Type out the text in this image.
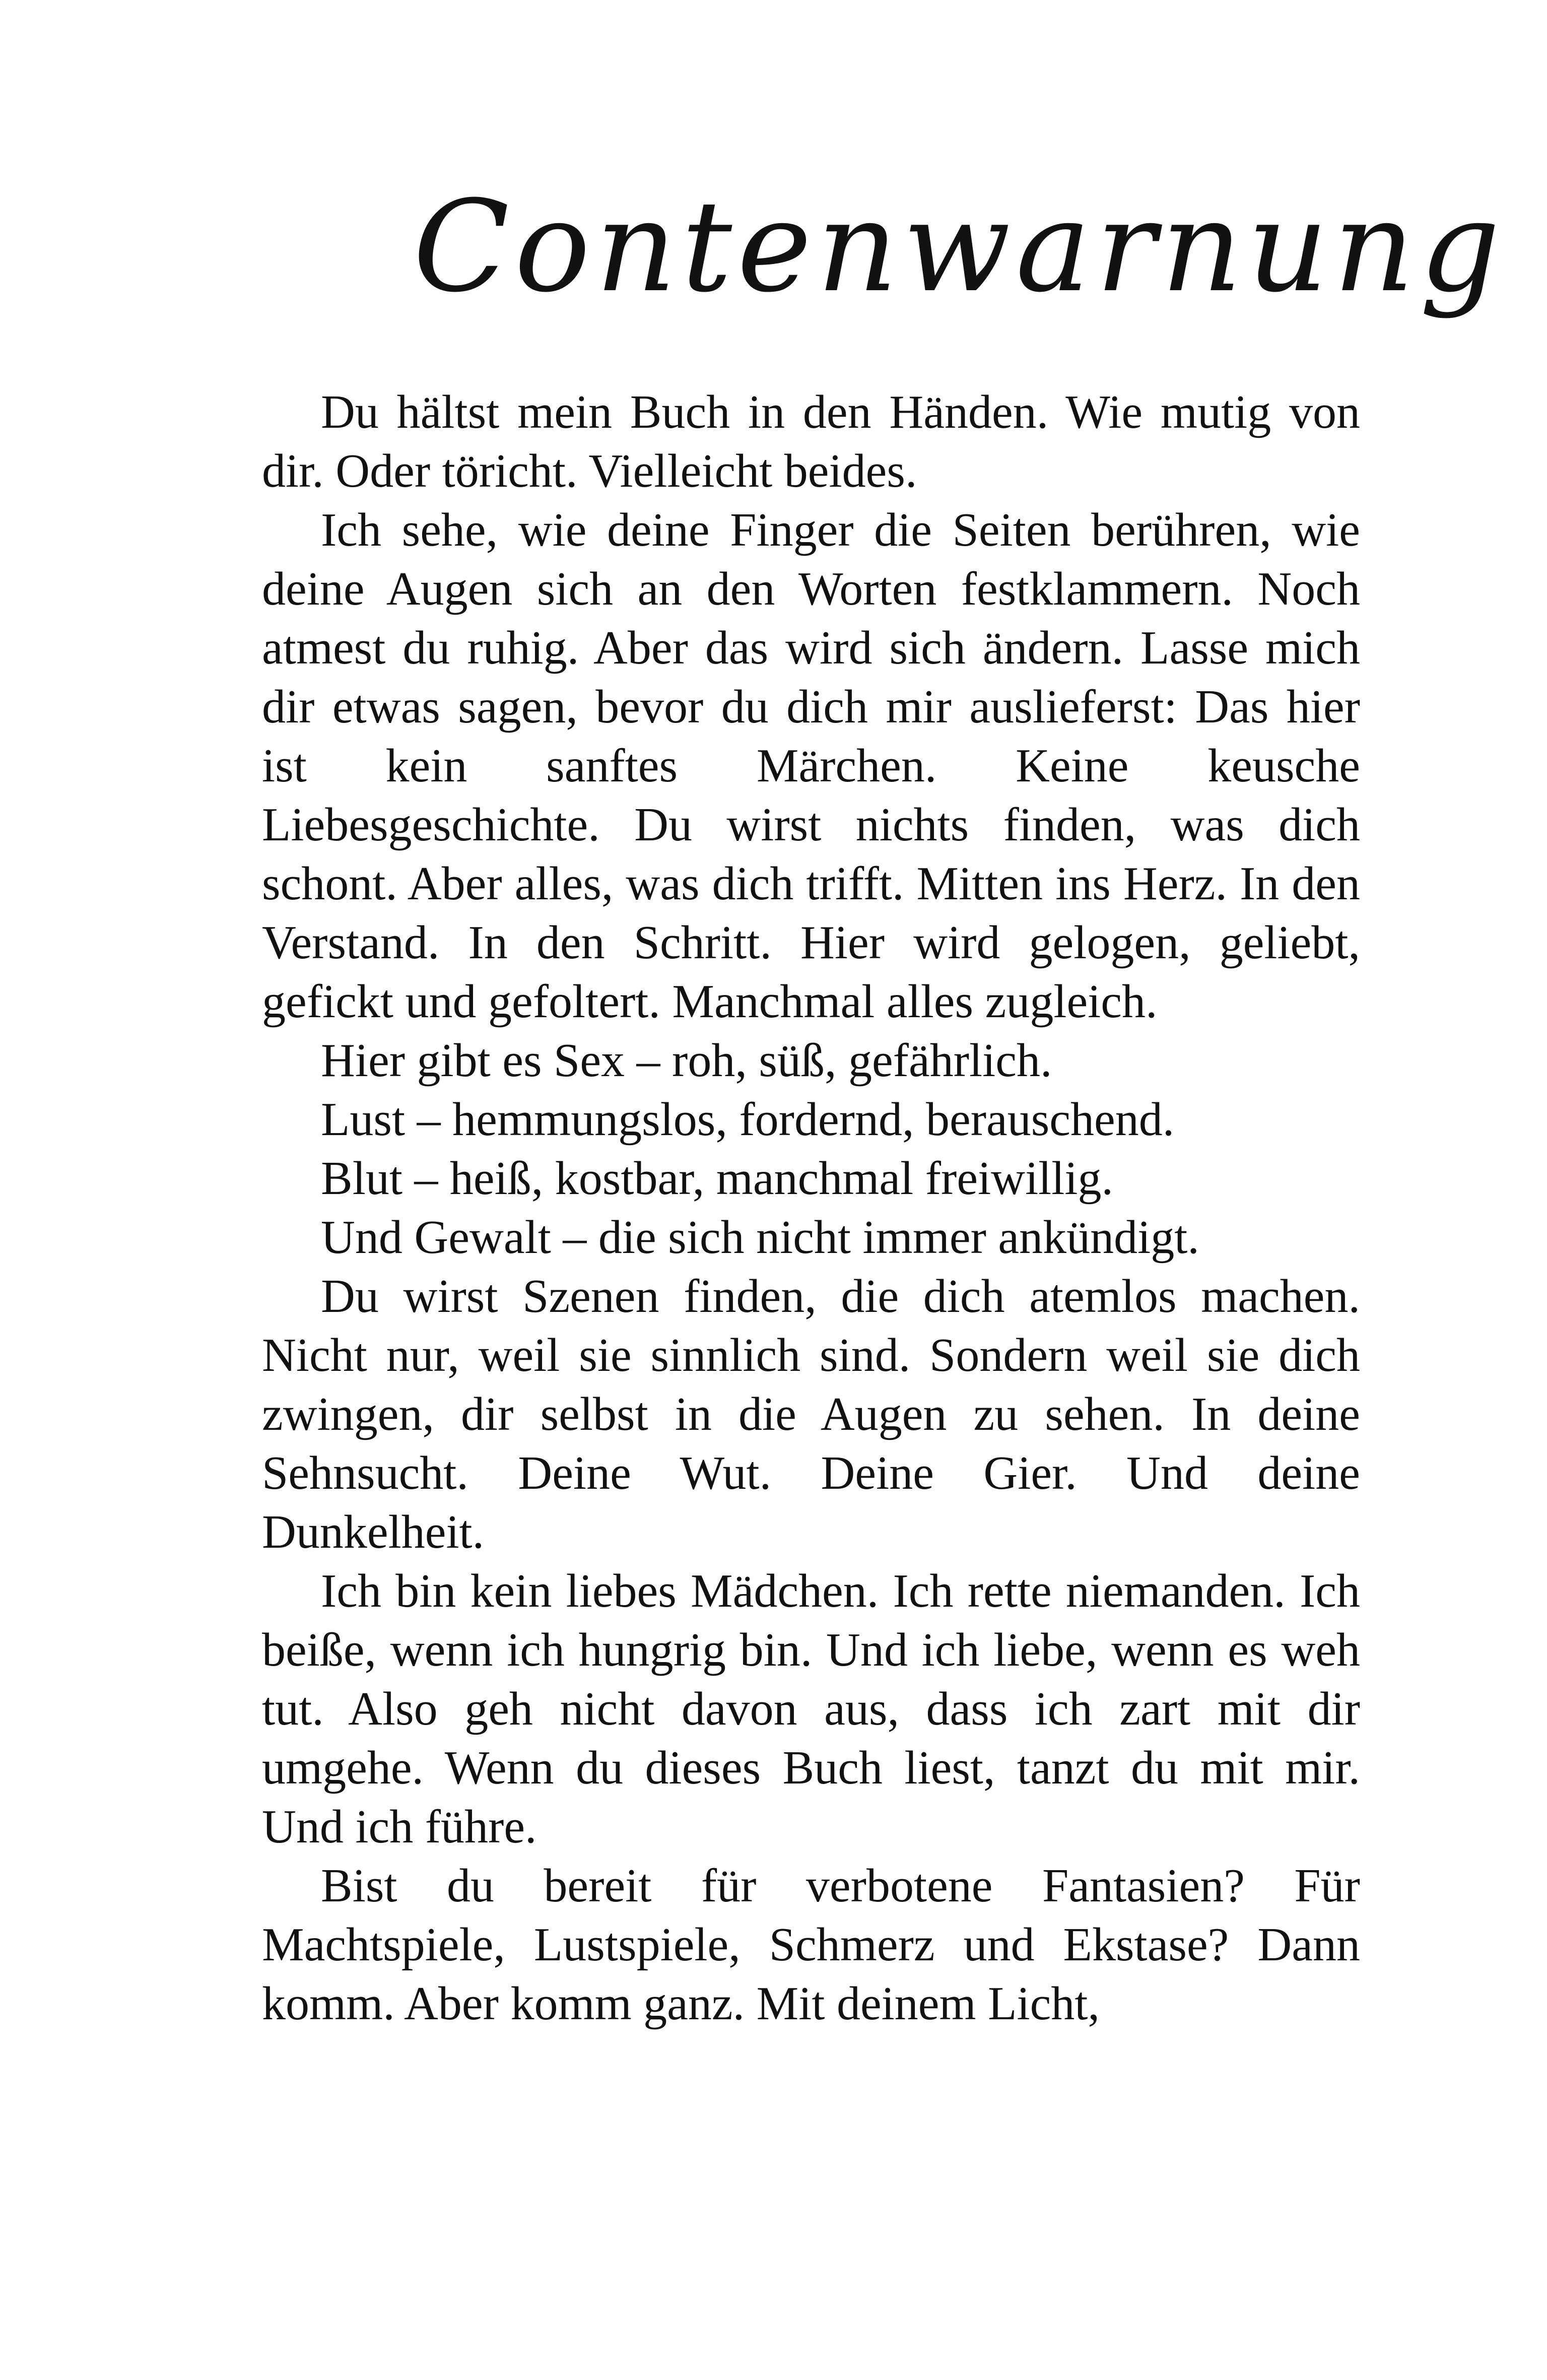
Contenwarnung

Du hältst mein Buch in den Händen. Wie mutig von dir. Oder töricht. Vielleicht beides.

Ich sehe, wie deine Finger die Seiten berühren, wie deine Augen sich an den Worten festklammern. Noch atmest du ruhig. Aber das wird sich ändern. Lasse mich dir etwas sagen, bevor du dich mir auslieferst: Das hier ist kein sanftes Märchen. Keine keusche Liebesgeschichte. Du wirst nichts finden, was dich schont. Aber alles, was dich trifft. Mitten ins Herz. In den Verstand. In den Schritt. Hier wird gelogen, geliebt, gefickt und gefoltert. Manchmal alles zugleich.

Hier gibt es Sex – roh, süß, gefährlich.

Lust – hemmungslos, fordernd, berauschend.

Blut – heiß, kostbar, manchmal freiwillig.

Und Gewalt – die sich nicht immer ankündigt.

Du wirst Szenen finden, die dich atemlos machen. Nicht nur, weil sie sinnlich sind. Sondern weil sie dich zwingen, dir selbst in die Augen zu sehen. In deine Sehnsucht. Deine Wut. Deine Gier. Und deine Dunkelheit.

Ich bin kein liebes Mädchen. Ich rette niemanden. Ich beiße, wenn ich hungrig bin. Und ich liebe, wenn es weh tut. Also geh nicht davon aus, dass ich zart mit dir umgehe. Wenn du dieses Buch liest, tanzt du mit mir. Und ich führe.

Bist du bereit für verbotene Fantasien? Für Machtspiele, Lustspiele, Schmerz und Ekstase? Dann komm. Aber komm ganz. Mit deinem Licht,
